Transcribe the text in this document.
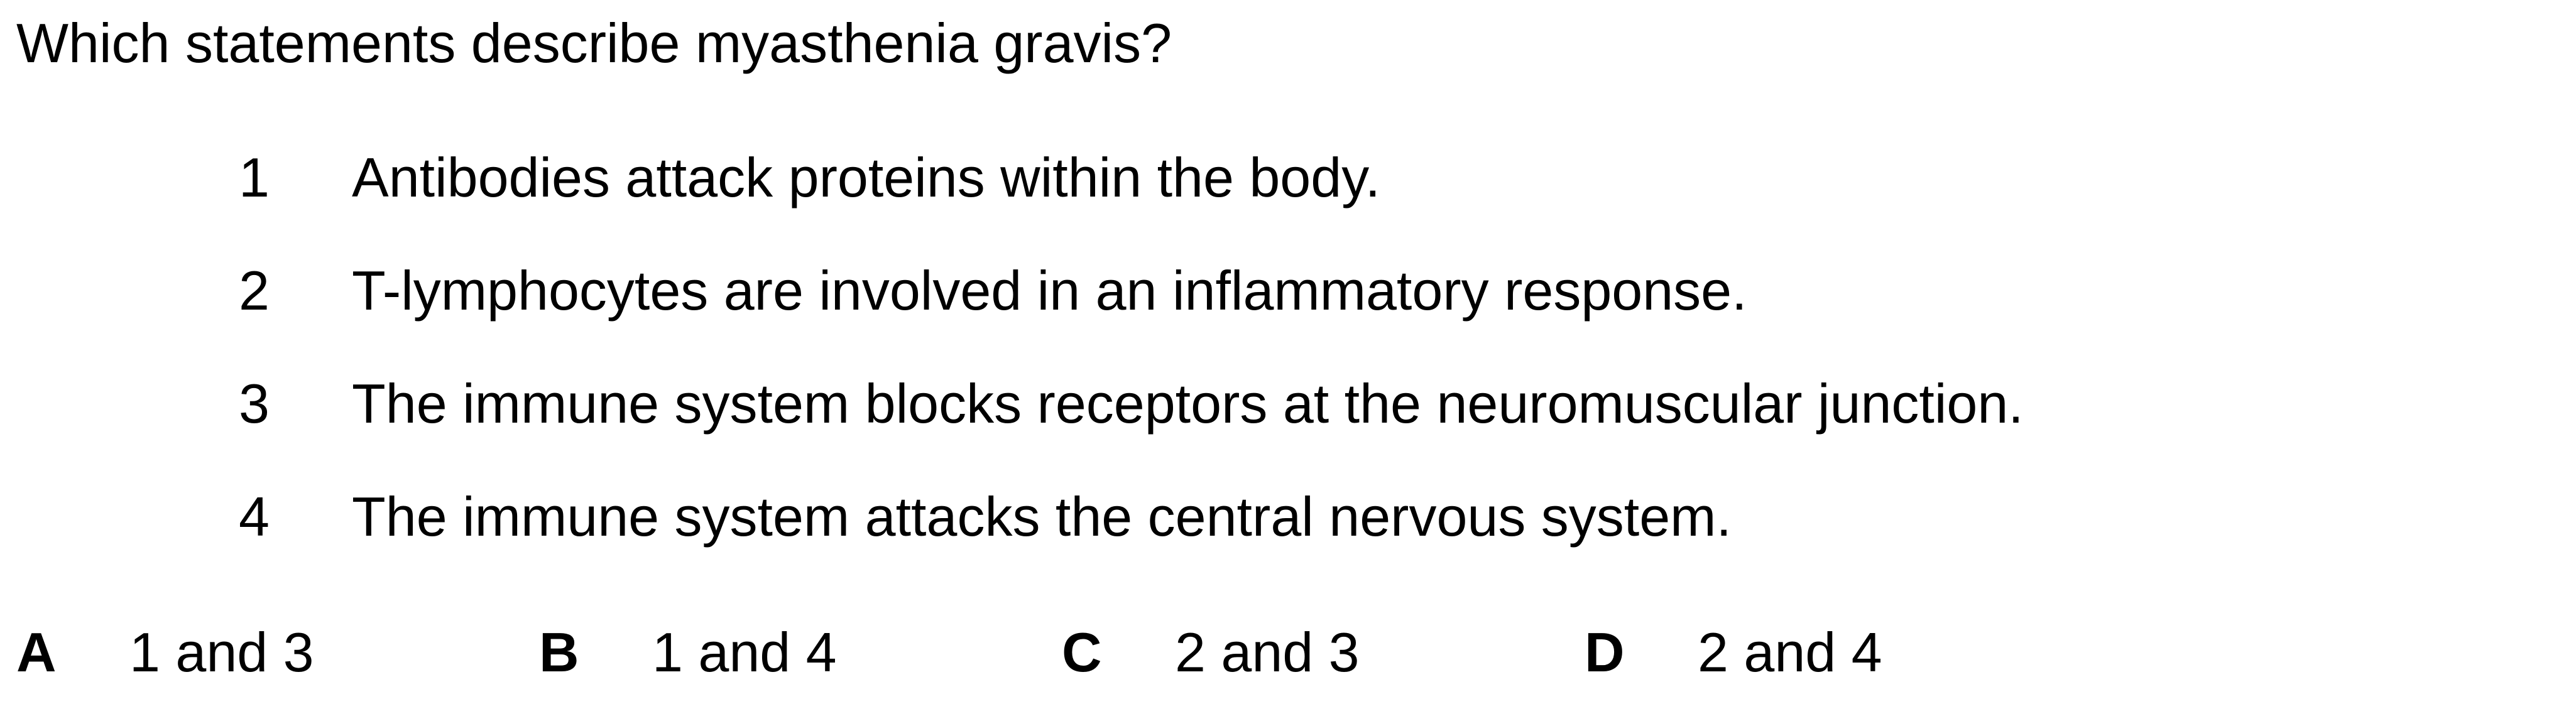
Which statements describe myasthenia gravis?
1 Antibodies attack proteins within the body.
2 T-lymphocytes are involved in an inflammatory response.
3 The immune system blocks receptors at the neuromuscular junction.
4 The immune system attacks the central nervous system.
A 1 and 3	B 1 and 4	C 2 and 3	D 2 and 4
